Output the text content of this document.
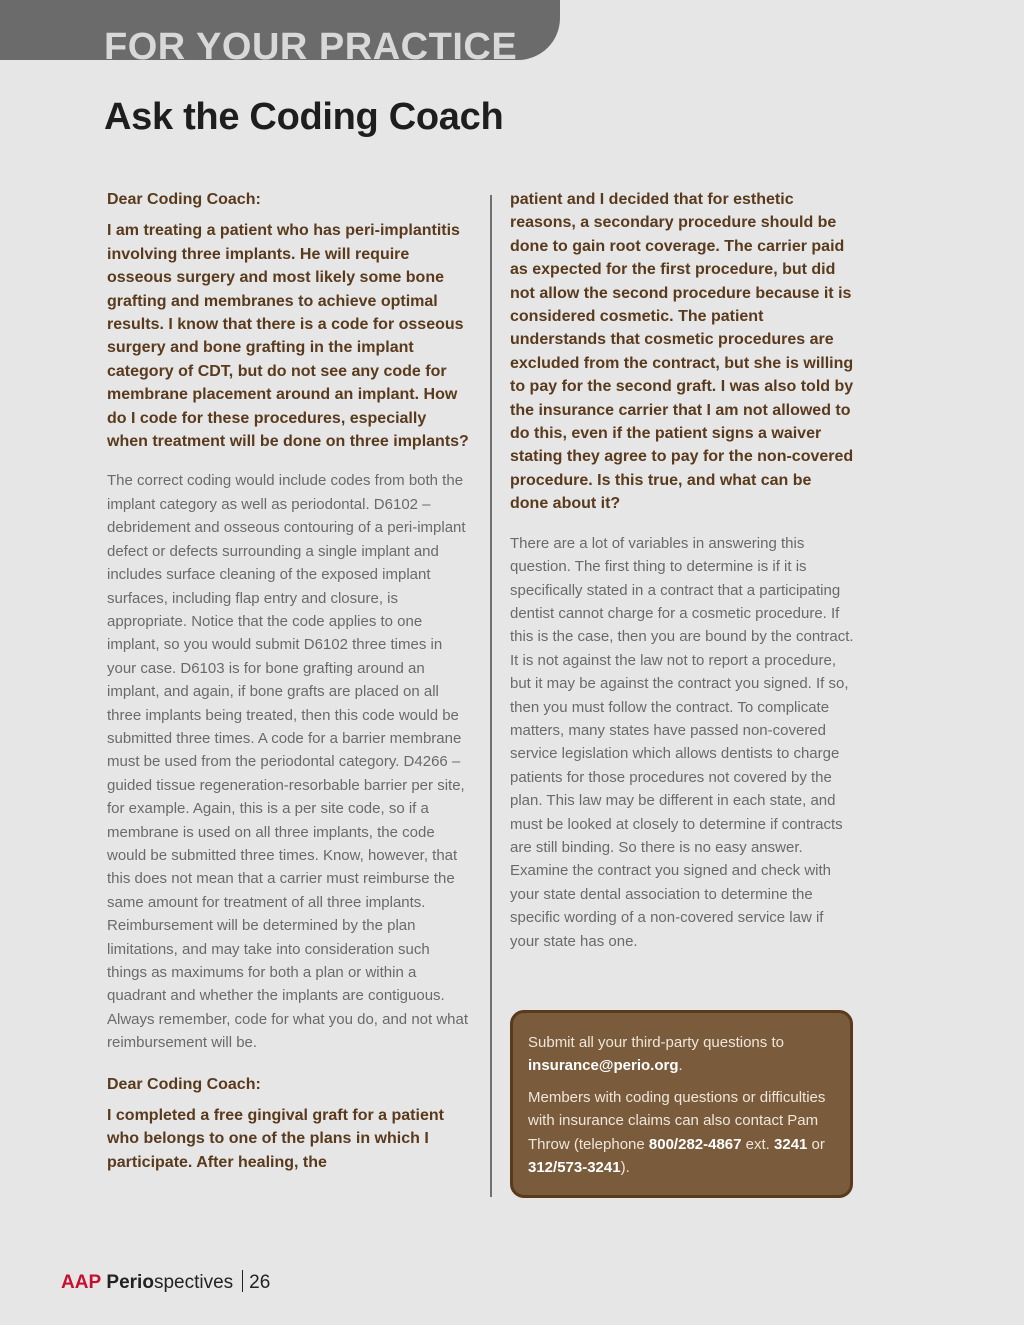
FOR YOUR PRACTICE
Ask the Coding Coach

Dear Coding Coach:

I am treating a patient who has peri-implantitis involving three implants. He will require osseous surgery and most likely some bone grafting and membranes to achieve optimal results. I know that there is a code for osseous surgery and bone grafting in the implant category of CDT, but do not see any code for membrane placement around an implant. How do I code for these procedures, especially when treatment will be done on three implants?

The correct coding would include codes from both the implant category as well as periodontal. D6102 – debridement and osseous contouring of a peri-implant defect or defects surrounding a single implant and includes surface cleaning of the exposed implant surfaces, including flap entry and closure, is appropriate. Notice that the code applies to one implant, so you would submit D6102 three times in your case. D6103 is for bone grafting around an implant, and again, if bone grafts are placed on all three implants being treated, then this code would be submitted three times. A code for a barrier membrane must be used from the periodontal category. D4266 – guided tissue regeneration-resorbable barrier per site, for example. Again, this is a per site code, so if a membrane is used on all three implants, the code would be submitted three times. Know, however, that this does not mean that a carrier must reimburse the same amount for treatment of all three implants. Reimbursement will be determined by the plan limitations, and may take into consideration such things as maximums for both a plan or within a quadrant and whether the implants are contiguous. Always remember, code for what you do, and not what reimbursement will be.

Dear Coding Coach:

I completed a free gingival graft for a patient who belongs to one of the plans in which I participate. After healing, the

patient and I decided that for esthetic reasons, a secondary procedure should be done to gain root coverage. The carrier paid as expected for the first procedure, but did not allow the second procedure because it is considered cosmetic. The patient understands that cosmetic procedures are excluded from the contract, but she is willing to pay for the second graft. I was also told by the insurance carrier that I am not allowed to do this, even if the patient signs a waiver stating they agree to pay for the non-covered procedure. Is this true, and what can be done about it?

There are a lot of variables in answering this question. The first thing to determine is if it is specifically stated in a contract that a participating dentist cannot charge for a cosmetic procedure. If this is the case, then you are bound by the contract. It is not against the law not to report a procedure, but it may be against the contract you signed. If so, then you must follow the contract. To complicate matters, many states have passed non-covered service legislation which allows dentists to charge patients for those procedures not covered by the plan. This law may be different in each state, and must be looked at closely to determine if contracts are still binding. So there is no easy answer. Examine the contract you signed and check with your state dental association to determine the specific wording of a non-covered service law if your state has one.

Submit all your third-party questions to
insurance@perio.org.

Members with coding questions or difficulties with insurance claims can also contact Pam Throw (telephone 800/282-4867 ext. 3241 or 312/573-3241).

AAP Periospectives 26
